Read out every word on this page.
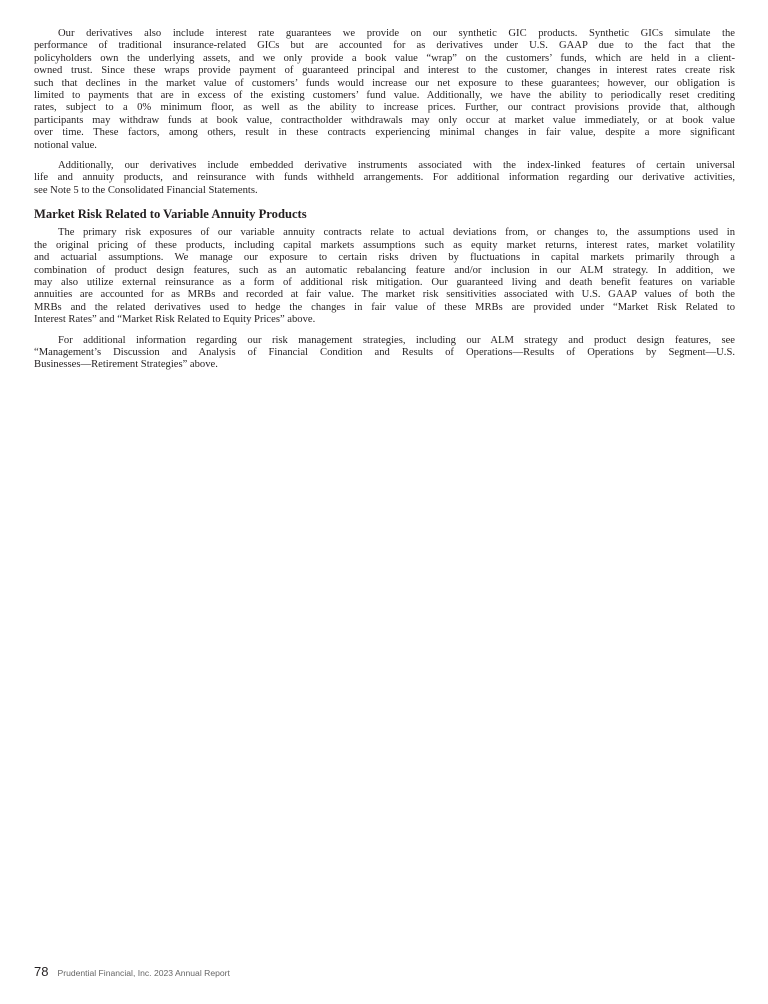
Our derivatives also include interest rate guarantees we provide on our synthetic GIC products. Synthetic GICs simulate the
performance of traditional insurance-related GICs but are accounted for as derivatives under U.S. GAAP due to the fact that the
policyholders own the underlying assets, and we only provide a book value “wrap” on the customers’ funds, which are held in a client-
owned trust. Since these wraps provide payment of guaranteed principal and interest to the customer, changes in interest rates create risk
such that declines in the market value of customers’ funds would increase our net exposure to these guarantees; however, our obligation is
limited to payments that are in excess of the existing customers’ fund value. Additionally, we have the ability to periodically reset crediting
rates, subject to a 0% minimum floor, as well as the ability to increase prices. Further, our contract provisions provide that, although
participants may withdraw funds at book value, contractholder withdrawals may only occur at market value immediately, or at book value
over time. These factors, among others, result in these contracts experiencing minimal changes in fair value, despite a more significant
notional value.

Additionally, our derivatives include embedded derivative instruments associated with the index-linked features of certain universal
life and annuity products, and reinsurance with funds withheld arrangements. For additional information regarding our derivative activities,
see Note 5 to the Consolidated Financial Statements.

Market Risk Related to Variable Annuity Products

The primary risk exposures of our variable annuity contracts relate to actual deviations from, or changes to, the assumptions used in
the original pricing of these products, including capital markets assumptions such as equity market returns, interest rates, market volatility
and actuarial assumptions. We manage our exposure to certain risks driven by fluctuations in capital markets primarily through a
combination of product design features, such as an automatic rebalancing feature and/or inclusion in our ALM strategy. In addition, we
may also utilize external reinsurance as a form of additional risk mitigation. Our guaranteed living and death benefit features on variable
annuities are accounted for as MRBs and recorded at fair value. The market risk sensitivities associated with U.S. GAAP values of both the
MRBs and the related derivatives used to hedge the changes in fair value of these MRBs are provided under “Market Risk Related to
Interest Rates” and “Market Risk Related to Equity Prices” above.

For additional information regarding our risk management strategies, including our ALM strategy and product design features, see
“Management’s Discussion and Analysis of Financial Condition and Results of Operations—Results of Operations by Segment—U.S.
Businesses—Retirement Strategies” above.

78 Prudential Financial, Inc. 2023 Annual Report
